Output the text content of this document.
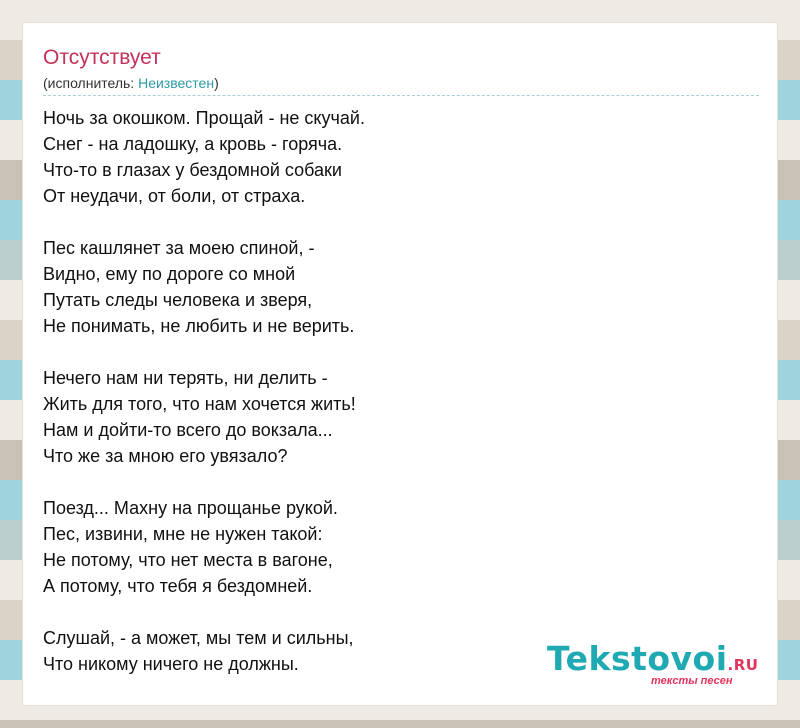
Отсутствует
(исполнитель: Неизвестен)

Ночь за окошком. Прощай - не скучай.
Снег - на ладошку, а кровь - горяча.
Что-то в глазах у бездомной собаки
От неудачи, от боли, от страха.

Пес кашлянет за моею спиной, -
Видно, ему по дороге со мной
Путать следы человека и зверя,
Не понимать, не любить и не верить.

Нечего нам ни терять, ни делить -
Жить для того, что нам хочется жить!
Нам и дойти-то всего до вокзала...
Что же за мною его увязало?

Поезд... Махну на прощанье рукой.
Пес, извини, мне не нужен такой:
Не потому, что нет места в вагоне,
А потому, что тебя я бездомней.

Слушай, - а может, мы тем и сильны,
Что никому ничего не должны.	Tekstovoi.RU
тексты песен
